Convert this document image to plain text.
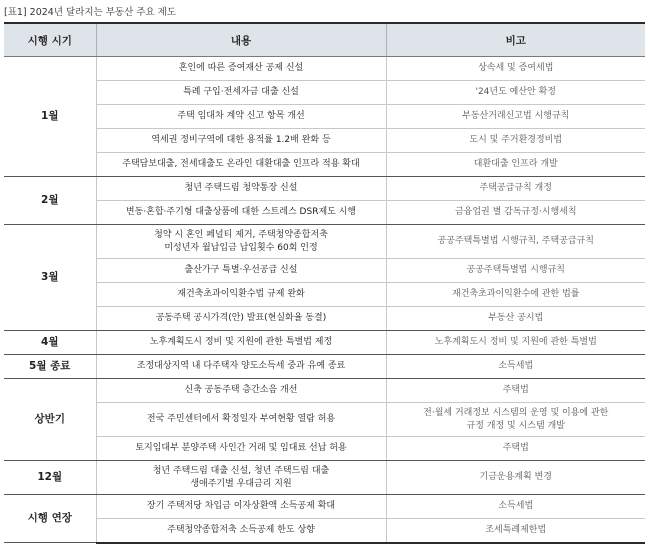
[표1] 2024년 달라지는 부동산 주요 제도
시행 시기	내용	비고
1월	혼인에 따른 증여재산 공제 신설	상속세 및 증여세법

	특례 구입·전세자금 대출 신설	'24년도 예산안 확정

	주택 임대차 계약 신고 항목 개선	부동산거래신고법 시행규칙

	역세권 정비구역에 대한 용적률 1.2배 완화 등	도시 및 주거환경정비법

	주택담보대출, 전세대출도 온라인 대환대출 인프라 적용 확대	대환대출 인프라 개발

2월	청년 주택드림 청약통장 신설	주택공급규칙 개정

	변동·혼합·주기형 대출상품에 대한 스트레스 DSR제도 시행	금융업권 별 감독규정·시행세칙

3월	청약 시 혼인 페널티 제거, 주택청약종합저축
미성년자 월납입금 납입횟수 60회 인정	공공주택특별법 시행규칙, 주택공급규칙

	출산가구 특별·우선공급 신설	공공주택특별법 시행규칙

	재건축초과이익환수법 규제 완화	재건축초과이익환수에 관한 법률

	공동주택 공시가격(안) 발표(현실화율 동결)	부동산 공시법

4월	노후계획도시 정비 및 지원에 관한 특별법 제정	노후계획도시 정비 및 지원에 관한 특별법

5월 종료	조정대상지역 내 다주택자 양도소득세 중과 유예 종료	소득세법

상반기	신축 공동주택 층간소음 개선	주택법

	전국 주민센터에서 확정일자 부여현황 열람 허용	전·월세 거래정보 시스템의 운영 및 이용에 관한
규정 개정 및 시스템 개발

	토지임대부 분양주택 사인간 거래 및 임대료 선납 허용	주택법

12월	청년 주택드림 대출 신설, 청년 주택드림 대출
생애주기별 우대금리 지원	기금운용계획 변경

시행 연장	장기 주택저당 차입금 이자상환액 소득공제 확대	소득세법

	주택청약종합저축 소득공제 한도 상향	조세특례제한법
